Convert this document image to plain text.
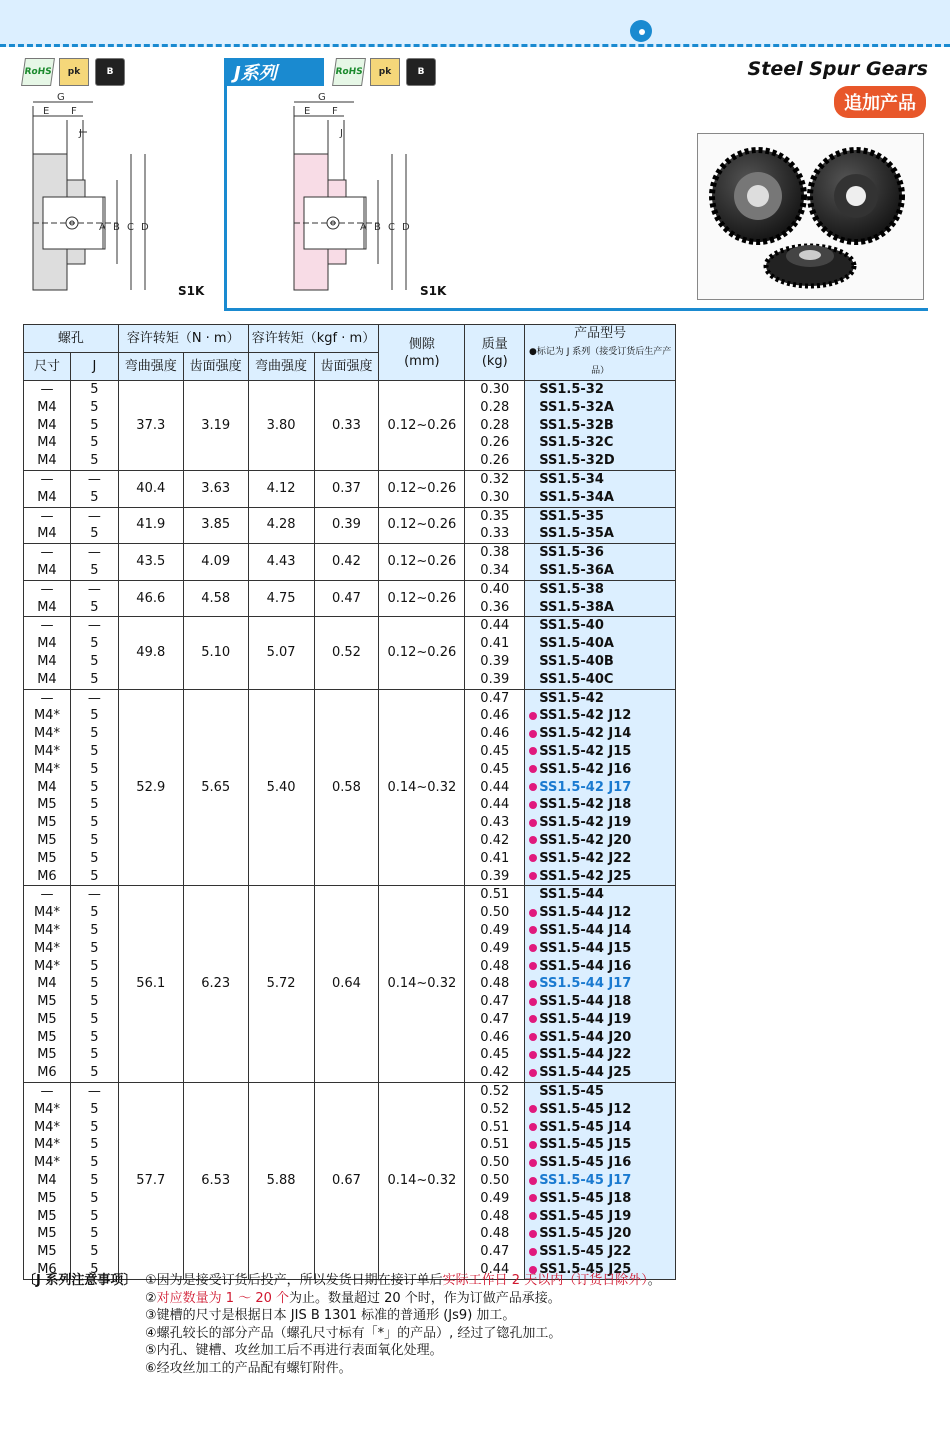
RoHS	pk	B	J系列	RoHS	pk	B	Steel Spur Gears
追加产品
G
E F
J
A B C D
S1K
G
E F
J
A B C D
S1K
螺孔		容许转矩（N · m）		容许转矩（kgf · m）		侧隙
(mm)	质量
(kg)	产品型号
●标记为 J 系列（接受订货后生产产品）
尺寸	J	弯曲强度	齿面强度	弯曲强度	齿面强度			
—	5	37.3	3.19	3.80	0.33	0.12~0.26	0.30	SS1.5-32
M4	5						0.28	SS1.5-32A
M4	5						0.28	SS1.5-32B
M4	5						0.26	SS1.5-32C
M4	5						0.26	SS1.5-32D
—	—	40.4	3.63	4.12	0.37	0.12~0.26	0.32	SS1.5-34
M4	5						0.30	SS1.5-34A
—	—	41.9	3.85	4.28	0.39	0.12~0.26	0.35	SS1.5-35
M4	5						0.33	SS1.5-35A
—	—	43.5	4.09	4.43	0.42	0.12~0.26	0.38	SS1.5-36
M4	5						0.34	SS1.5-36A
—	—	46.6	4.58	4.75	0.47	0.12~0.26	0.40	SS1.5-38
M4	5						0.36	SS1.5-38A
—	—	49.8	5.10	5.07	0.52	0.12~0.26	0.44	SS1.5-40
M4	5						0.41	SS1.5-40A
M4	5						0.39	SS1.5-40B
M4	5						0.39	SS1.5-40C
—	—	52.9	5.65	5.40	0.58	0.14~0.32	0.47	SS1.5-42
M4*	5						0.46	SS1.5-42 J12
M4*	5						0.46	SS1.5-42 J14
M4*	5						0.45	SS1.5-42 J15
M4*	5						0.45	SS1.5-42 J16
M4	5						0.44	SS1.5-42 J17
M5	5						0.44	SS1.5-42 J18
M5	5						0.43	SS1.5-42 J19
M5	5						0.42	SS1.5-42 J20
M5	5						0.41	SS1.5-42 J22
M6	5						0.39	SS1.5-42 J25
—	—	56.1	6.23	5.72	0.64	0.14~0.32	0.51	SS1.5-44
M4*	5						0.50	SS1.5-44 J12
M4*	5						0.49	SS1.5-44 J14
M4*	5						0.49	SS1.5-44 J15
M4*	5						0.48	SS1.5-44 J16
M4	5						0.48	SS1.5-44 J17
M5	5						0.47	SS1.5-44 J18
M5	5						0.47	SS1.5-44 J19
M5	5						0.46	SS1.5-44 J20
M5	5						0.45	SS1.5-44 J22
M6	5						0.42	SS1.5-44 J25
—	—	57.7	6.53	5.88	0.67	0.14~0.32	0.52	SS1.5-45
M4*	5						0.52	SS1.5-45 J12
M4*	5						0.51	SS1.5-45 J14
M4*	5						0.51	SS1.5-45 J15
M4*	5						0.50	SS1.5-45 J16
M4	5						0.50	SS1.5-45 J17
M5	5						0.49	SS1.5-45 J18
M5	5						0.48	SS1.5-45 J19
M5	5						0.48	SS1.5-45 J20
M5	5						0.47	SS1.5-45 J22
M6	5						0.44	SS1.5-45 J25
〔J 系列注意事项〕 ①因为是接受订货后投产，所以发货日期在接订单后实际工作日 2 天以内（订货日除外）。
②对应数量为 1 ～ 20 个为止。数量超过 20 个时，作为订做产品承接。
③键槽的尺寸是根据日本 JIS B 1301 标准的普通形 (Js9) 加工。
④螺孔较长的部分产品（螺孔尺寸标有「*」的产品）, 经过了锪孔加工。
⑤内孔、键槽、攻丝加工后不再进行表面氧化处理。
⑥经攻丝加工的产品配有螺钉附件。
